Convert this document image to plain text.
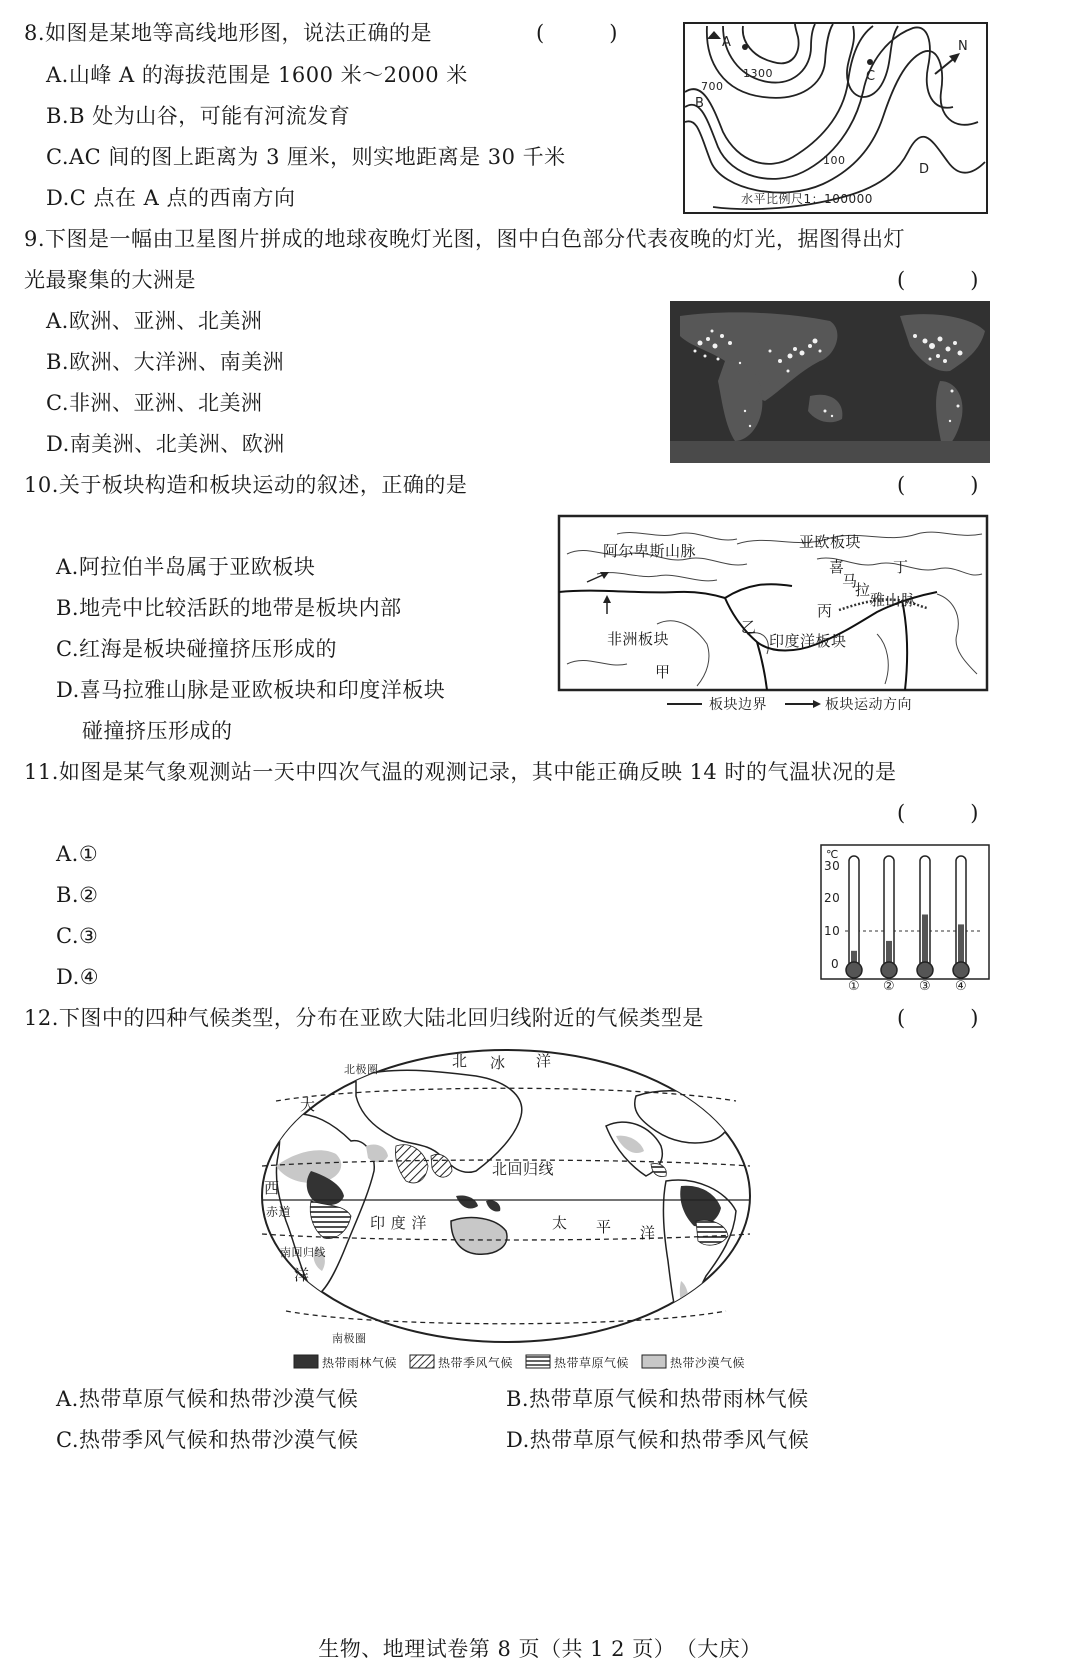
8.如图是某地等高线地形图，说法正确的是	(　　　)
A.山峰 A 的海拔范围是 1600 米～2000 米
B.B 处为山谷，可能有河流发育
C.AC 间的图上距离为 3 厘米，则实地距离是 30 千米
D.C 点在 A 点的西南方向
A
B
C
D
N
1300
700
100
水平比例尺1：100000
9.下图是一幅由卫星图片拼成的地球夜晚灯光图，图中白色部分代表夜晚的灯光，据图得出灯
光最聚集的大洲是	(　　　)
A.欧洲、亚洲、北美洲
B.欧洲、大洋洲、南美洲
C.非洲、亚洲、北美洲
D.南美洲、北美洲、欧洲
10.关于板块构造和板块运动的叙述，正确的是	(　　　)
A.阿拉伯半岛属于亚欧板块
B.地壳中比较活跃的地带是板块内部
C.红海是板块碰撞挤压形成的
D.喜马拉雅山脉是亚欧板块和印度洋板块
碰撞挤压形成的
阿尔卑斯山脉	亚欧板块
喜
马
拉
雅山脉
丁
丙
乙
非洲板块	印度洋板块
甲
板块边界	板块运动方向
11.如图是某气象观测站一天中四次气温的观测记录，其中能正确反映 14 时的气温状况的是
(　　　)
A.①
B.②
C.③
D.④
℃
30
20
10
0
① ② ③ ④
12.下图中的四种气候类型，分布在亚欧大陆北回归线附近的气候类型是	(　　　)
北 冰 洋
北极圈
大
西
赤道
北回归线
南回归线
洋
印 度 洋	太 平 洋
南极圈
热带雨林气候	热带季风气候	热带草原气候	热带沙漠气候
A.热带草原气候和热带沙漠气候	B.热带草原气候和热带雨林气候
C.热带季风气候和热带沙漠气候	D.热带草原气候和热带季风气候
生物、地理试卷第 8 页（共 1 2 页）　（大庆）
